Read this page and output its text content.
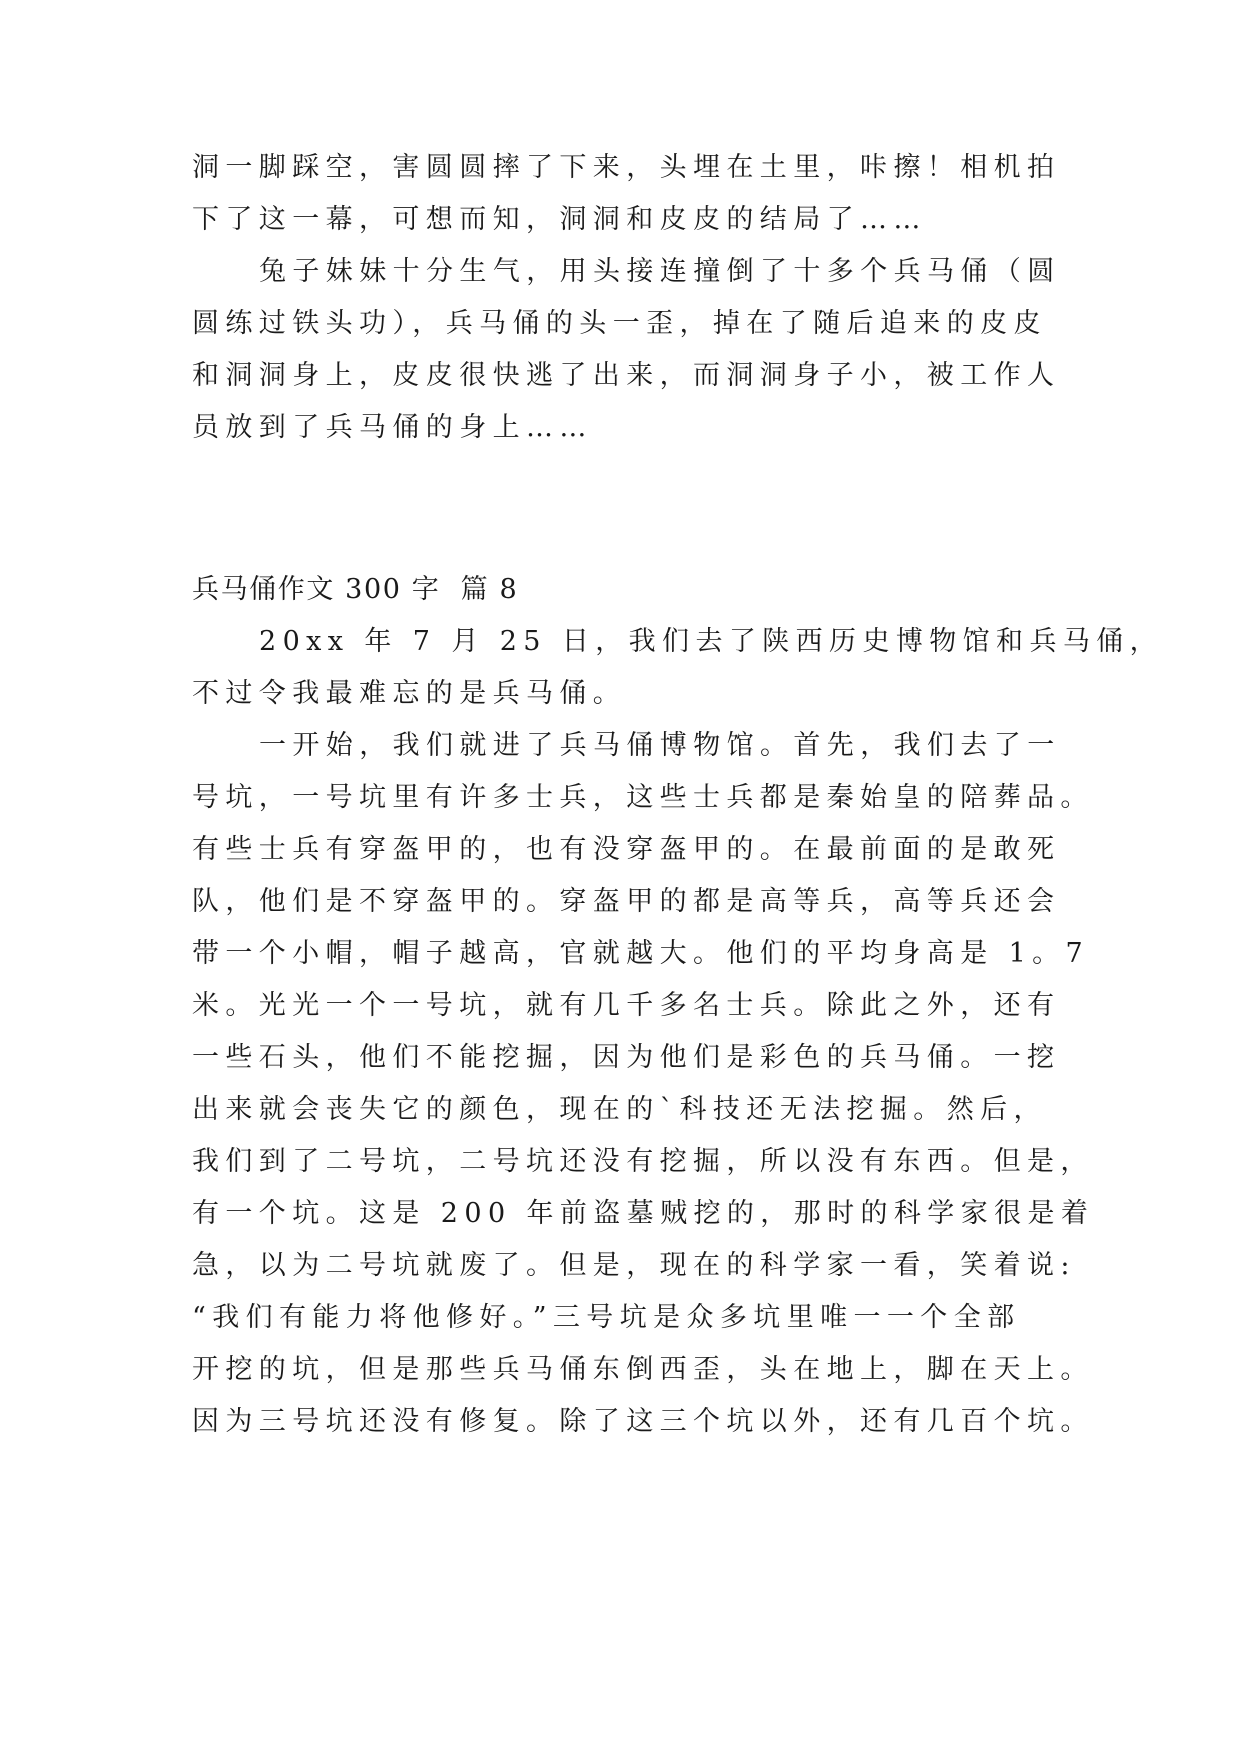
洞一脚踩空，害圆圆摔了下来，头埋在土里，咔擦！相机拍
下了这一幕，可想而知，洞洞和皮皮的结局了……
兔子妹妹十分生气，用头接连撞倒了十多个兵马俑（圆
圆练过铁头功），兵马俑的头一歪，掉在了随后追来的皮皮
和洞洞身上，皮皮很快逃了出来，而洞洞身子小，被工作人
员放到了兵马俑的身上……
兵马俑作文 300 字  篇 8
20xx 年 7 月 25 日，我们去了陕西历史博物馆和兵马俑，
不过令我最难忘的是兵马俑。
一开始，我们就进了兵马俑博物馆。首先，我们去了一
号坑，一号坑里有许多士兵，这些士兵都是秦始皇的陪葬品。
有些士兵有穿盔甲的，也有没穿盔甲的。在最前面的是敢死
队，他们是不穿盔甲的。穿盔甲的都是高等兵，高等兵还会
带一个小帽，帽子越高，官就越大。他们的平均身高是 1。7
米。光光一个一号坑，就有几千多名士兵。除此之外，还有
一些石头，他们不能挖掘，因为他们是彩色的兵马俑。一挖
出来就会丧失它的颜色，现在的`科技还无法挖掘。然后，
我们到了二号坑，二号坑还没有挖掘，所以没有东西。但是，
有一个坑。这是 200 年前盗墓贼挖的，那时的科学家很是着
急，以为二号坑就废了。但是，现在的科学家一看，笑着说:
“我们有能力将他修好。”三号坑是众多坑里唯一一个全部
开挖的坑，但是那些兵马俑东倒西歪，头在地上，脚在天上。
因为三号坑还没有修复。除了这三个坑以外，还有几百个坑。
